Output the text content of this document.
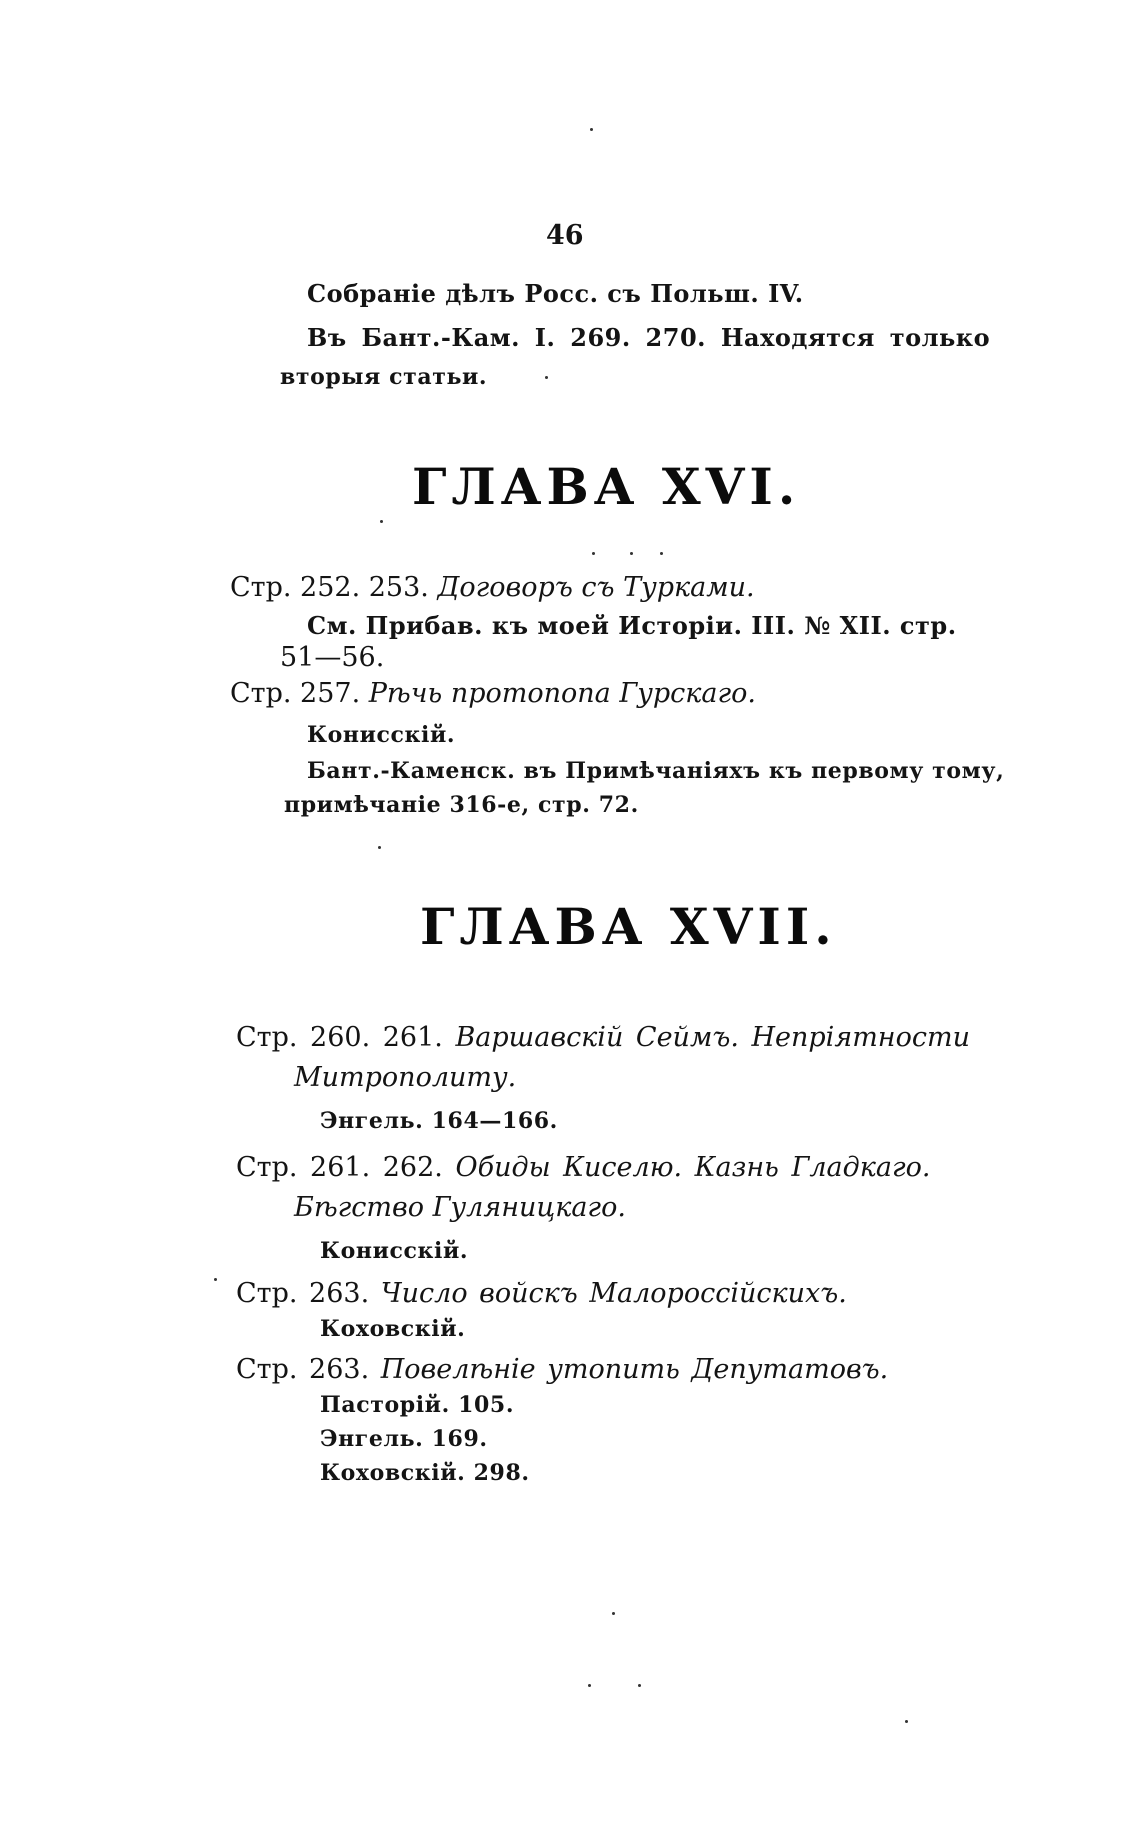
46
Собраніе дѣлъ Росс. съ Польш. IV.
Въ Бант.-Кам. I. 269. 270. Находятся только
вторыя статьи.
ГЛАВА XVI.
Стр. 252. 253. Договоръ съ Турками.
См. Прибав. къ моей Исторіи. III. № XII. стр.
51—56.
Стр. 257. Рѣчь протопопа Гурскаго.
Конисскій.
Бант.-Каменск. въ Примѣчаніяхъ къ первому тому,
примѣчаніе 316-е, стр. 72.
ГЛАВА XVII.
Стр. 260. 261. Варшавскій Сеймъ. Непріятности
Митрополиту.
Энгель. 164—166.
Стр. 261. 262. Обиды Киселю. Казнь Гладкаго.
Бѣгство Гуляницкаго.
Конисскій.
Стр. 263. Число войскъ Малороссійскихъ.
Коховскій.
Стр. 263. Повелѣніе утопить Депутатовъ.
Пасторій. 105.
Энгель. 169.
Коховскій. 298.
